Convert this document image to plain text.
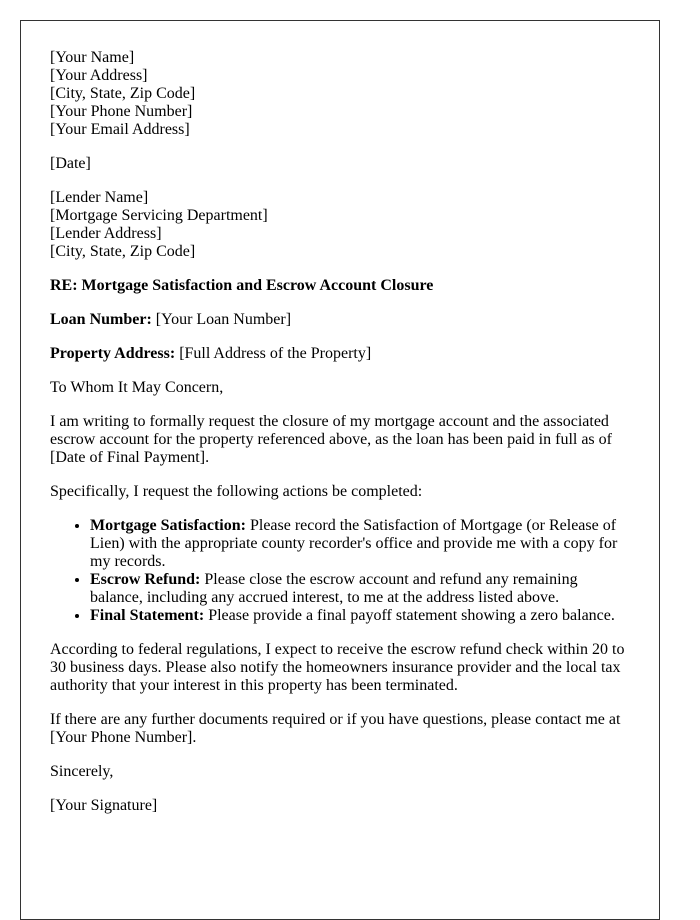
[Your Name]
[Your Address]
[City, State, Zip Code]
[Your Phone Number]
[Your Email Address]

[Date]

[Lender Name]
[Mortgage Servicing Department]
[Lender Address]
[City, State, Zip Code]

RE: Mortgage Satisfaction and Escrow Account Closure

Loan Number: [Your Loan Number]

Property Address: [Full Address of the Property]

To Whom It May Concern,

I am writing to formally request the closure of my mortgage account and the associated escrow account for the property referenced above, as the loan has been paid in full as of [Date of Final Payment].

Specifically, I request the following actions be completed:

• Mortgage Satisfaction: Please record the Satisfaction of Mortgage (or Release of Lien) with the appropriate county recorder's office and provide me with a copy for my records.
• Escrow Refund: Please close the escrow account and refund any remaining balance, including any accrued interest, to me at the address listed above.
• Final Statement: Please provide a final payoff statement showing a zero balance.

According to federal regulations, I expect to receive the escrow refund check within 20 to 30 business days. Please also notify the homeowners insurance provider and the local tax authority that your interest in this property has been terminated.

If there are any further documents required or if you have questions, please contact me at [Your Phone Number].

Sincerely,

[Your Signature]
